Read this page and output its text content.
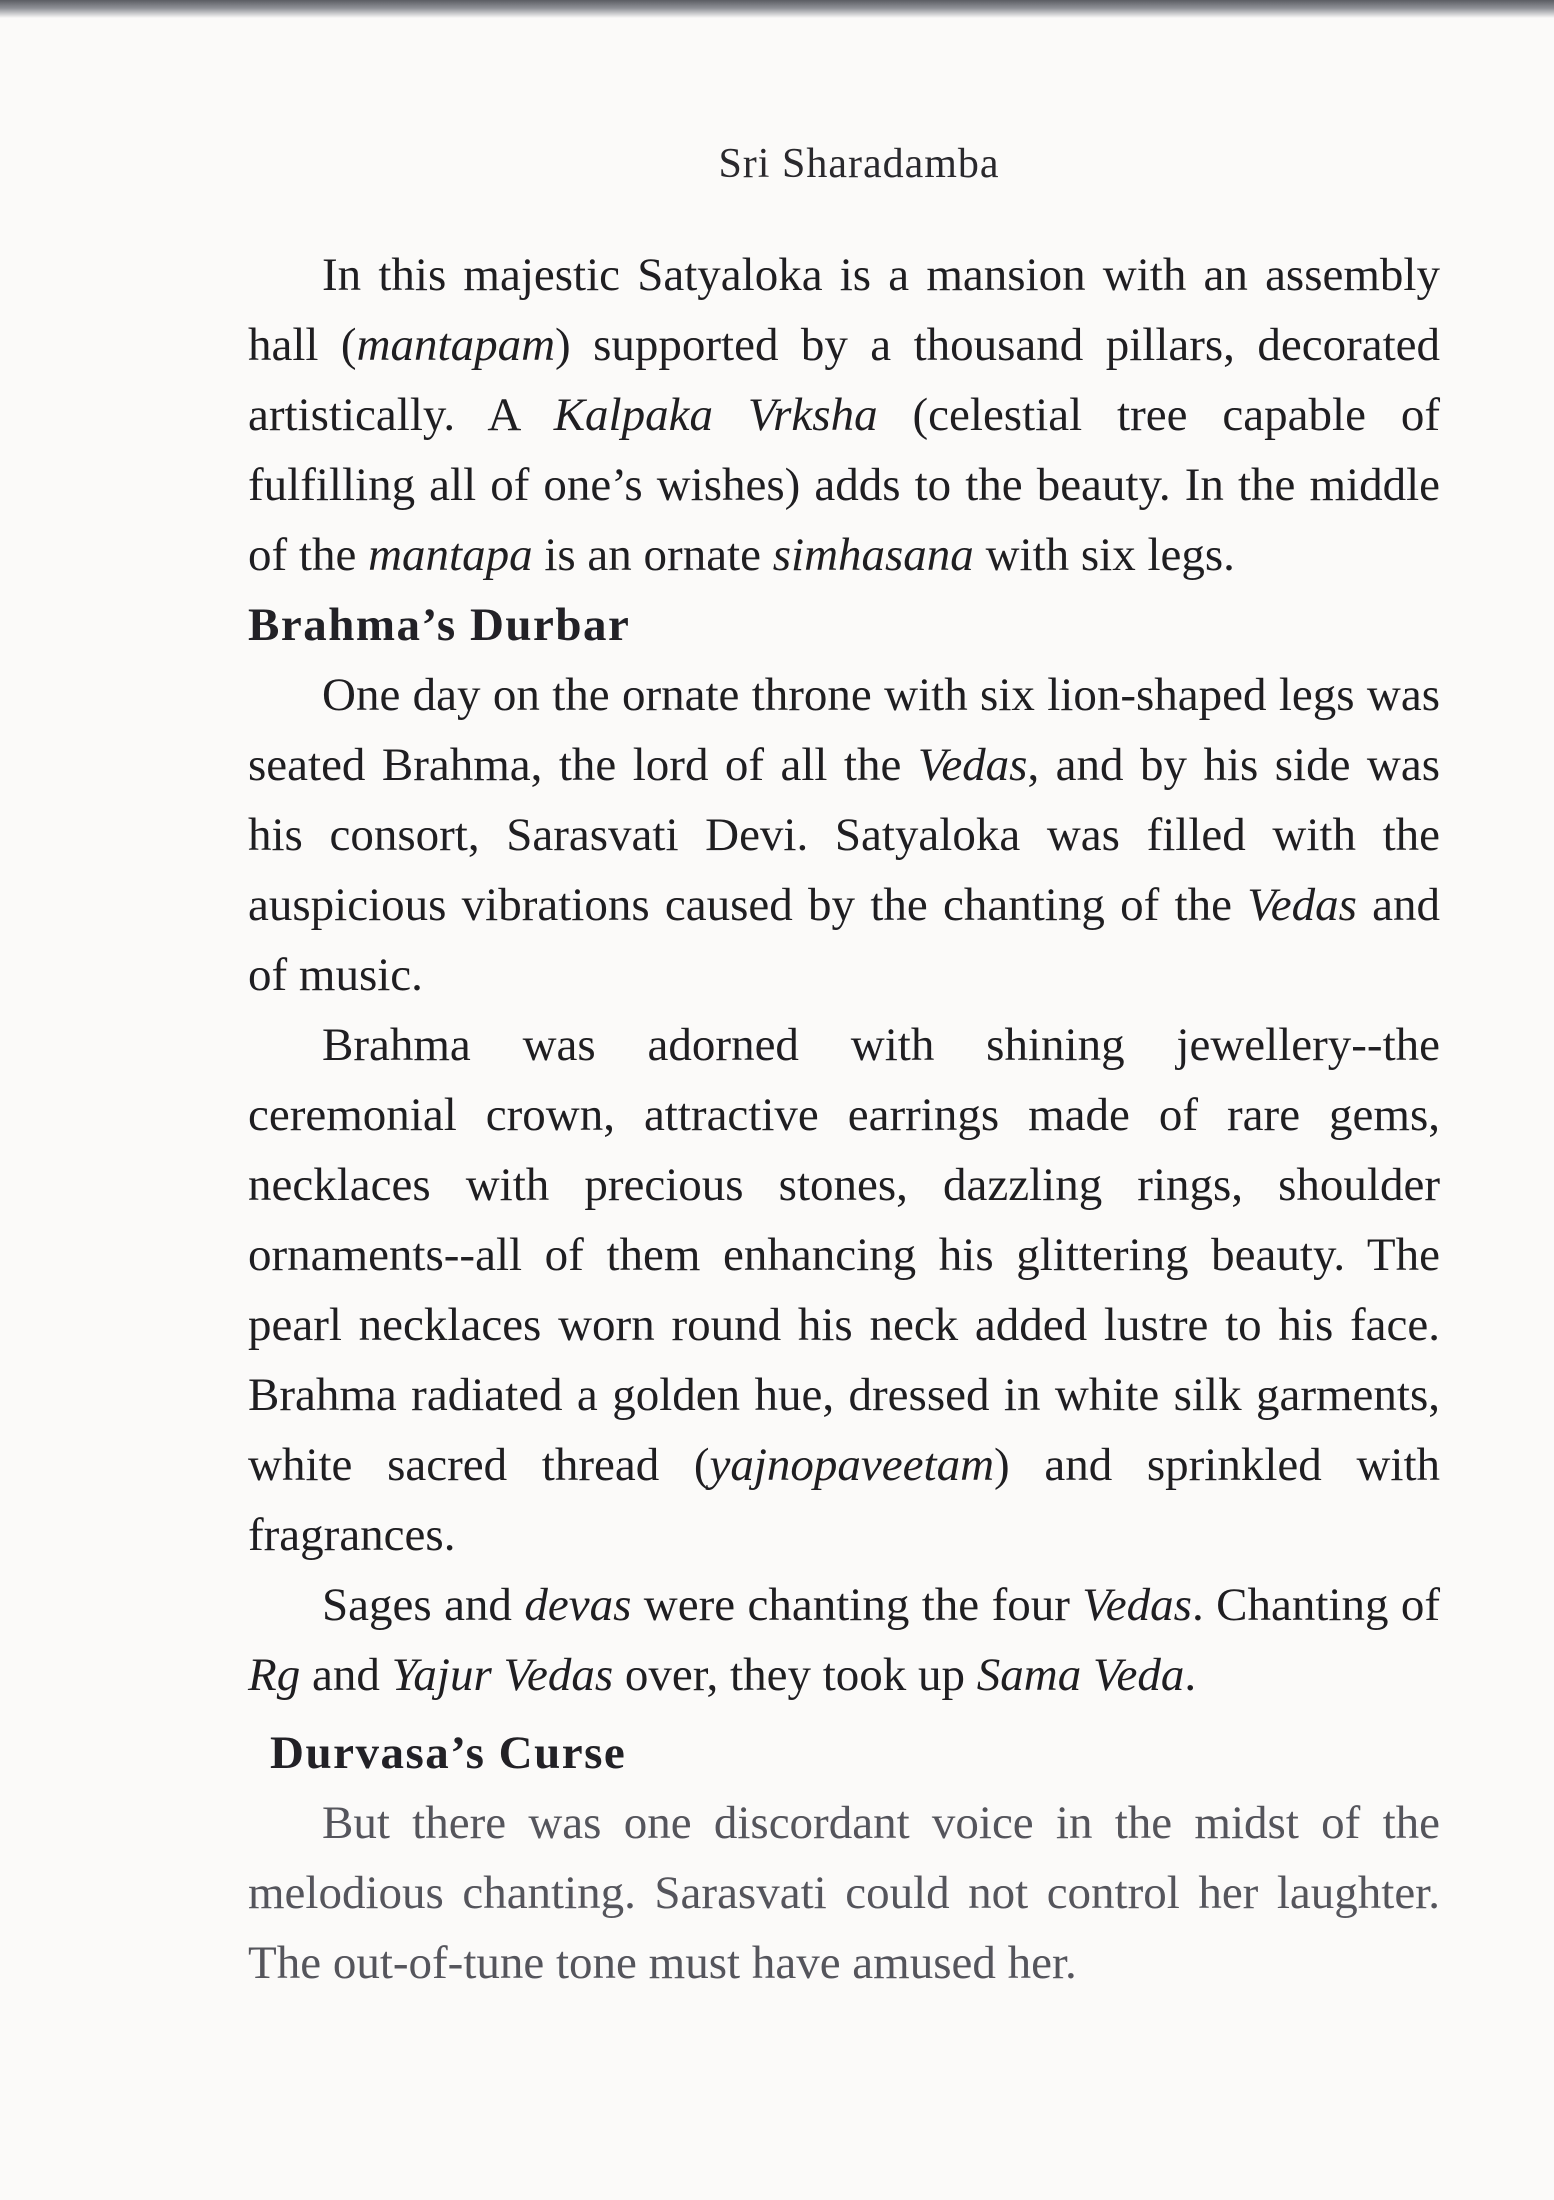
Sri Sharadamba

In this majestic Satyaloka is a mansion with an assembly hall (mantapam) supported by a thousand pillars, decorated artistically. A Kalpaka Vrksha (celestial tree capable of fulfilling all of one’s wishes) adds to the beauty. In the middle of the mantapa is an ornate simhasana with six legs.

Brahma’s Durbar

One day on the ornate throne with six lion-shaped legs was seated Brahma, the lord of all the Vedas, and by his side was his consort, Sarasvati Devi. Satyaloka was filled with the auspicious vibrations caused by the chanting of the Vedas and of music.

Brahma was adorned with shining jewellery--the ceremonial crown, attractive earrings made of rare gems, necklaces with precious stones, dazzling rings, shoulder ornaments--all of them enhancing his glittering beauty. The pearl necklaces worn round his neck added lustre to his face. Brahma radiated a golden hue, dressed in white silk garments, white sacred thread (yajnopaveetam) and sprinkled with fragrances.

Sages and devas were chanting the four Vedas. Chanting of Rg and Yajur Vedas over, they took up Sama Veda.

Durvasa’s Curse

But there was one discordant voice in the midst of the melodious chanting. Sarasvati could not control her laughter. The out-of-tune tone must have amused her.
